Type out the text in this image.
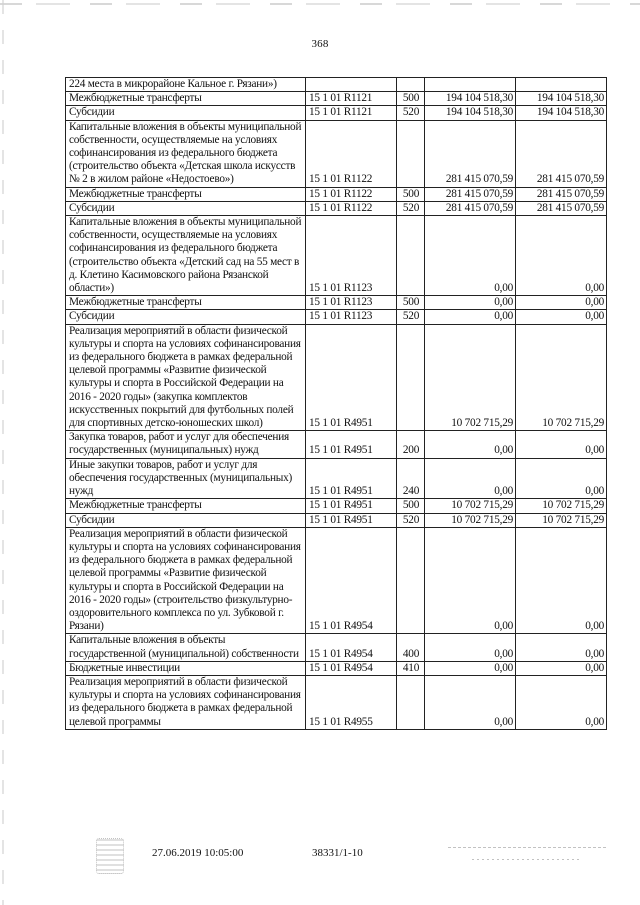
368
224 места в микрорайоне Кальное г. Рязани»)				
Межбюджетные трансферты	15 1 01 R1121	500	194 104 518,30	194 104 518,30
Субсидии	15 1 01 R1121	520	194 104 518,30	194 104 518,30
Капитальные вложения в объекты муниципальной собственности, осуществляемые на условиях софинансирования из федерального бюджета (строительство объекта «Детская школа искусств № 2 в жилом районе «Недостоево»)	15 1 01 R1122		281 415 070,59	281 415 070,59
Межбюджетные трансферты	15 1 01 R1122	500	281 415 070,59	281 415 070,59
Субсидии	15 1 01 R1122	520	281 415 070,59	281 415 070,59
Капитальные вложения в объекты муниципальной собственности, осуществляемые на условиях софинансирования из федерального бюджета (строительство объекта «Детский сад на 55 мест в д. Клетино Касимовского района Рязанской области»)	15 1 01 R1123		0,00	0,00
Межбюджетные трансферты	15 1 01 R1123	500	0,00	0,00
Субсидии	15 1 01 R1123	520	0,00	0,00
Реализация мероприятий в области физической культуры и спорта на условиях софинансирования из федерального бюджета в рамках федеральной целевой программы «Развитие физической культуры и спорта в Российской Федерации на 2016 - 2020 годы» (закупка комплектов искусственных покрытий для футбольных полей для спортивных детско-юношеских школ)	15 1 01 R4951		10 702 715,29	10 702 715,29
Закупка товаров, работ и услуг для обеспечения государственных (муниципальных) нужд	15 1 01 R4951	200	0,00	0,00
Иные закупки товаров, работ и услуг для обеспечения государственных (муниципальных) нужд	15 1 01 R4951	240	0,00	0,00
Межбюджетные трансферты	15 1 01 R4951	500	10 702 715,29	10 702 715,29
Субсидии	15 1 01 R4951	520	10 702 715,29	10 702 715,29
Реализация мероприятий в области физической культуры и спорта на условиях софинансирования из федерального бюджета в рамках федеральной целевой программы «Развитие физической культуры и спорта в Российской Федерации на 2016 - 2020 годы» (строительство физкультурно-оздоровительного комплекса по ул. Зубковой г. Рязани)	15 1 01 R4954		0,00	0,00
Капитальные вложения в объекты государственной (муниципальной) собственности	15 1 01 R4954	400	0,00	0,00
Бюджетные инвестиции	15 1 01 R4954	410	0,00	0,00
Реализация мероприятий в области физической культуры и спорта на условиях софинансирования из федерального бюджета в рамках федеральной целевой программы	15 1 01 R4955		0,00	0,00
27.06.2019 10:05:00	38331/1-10
